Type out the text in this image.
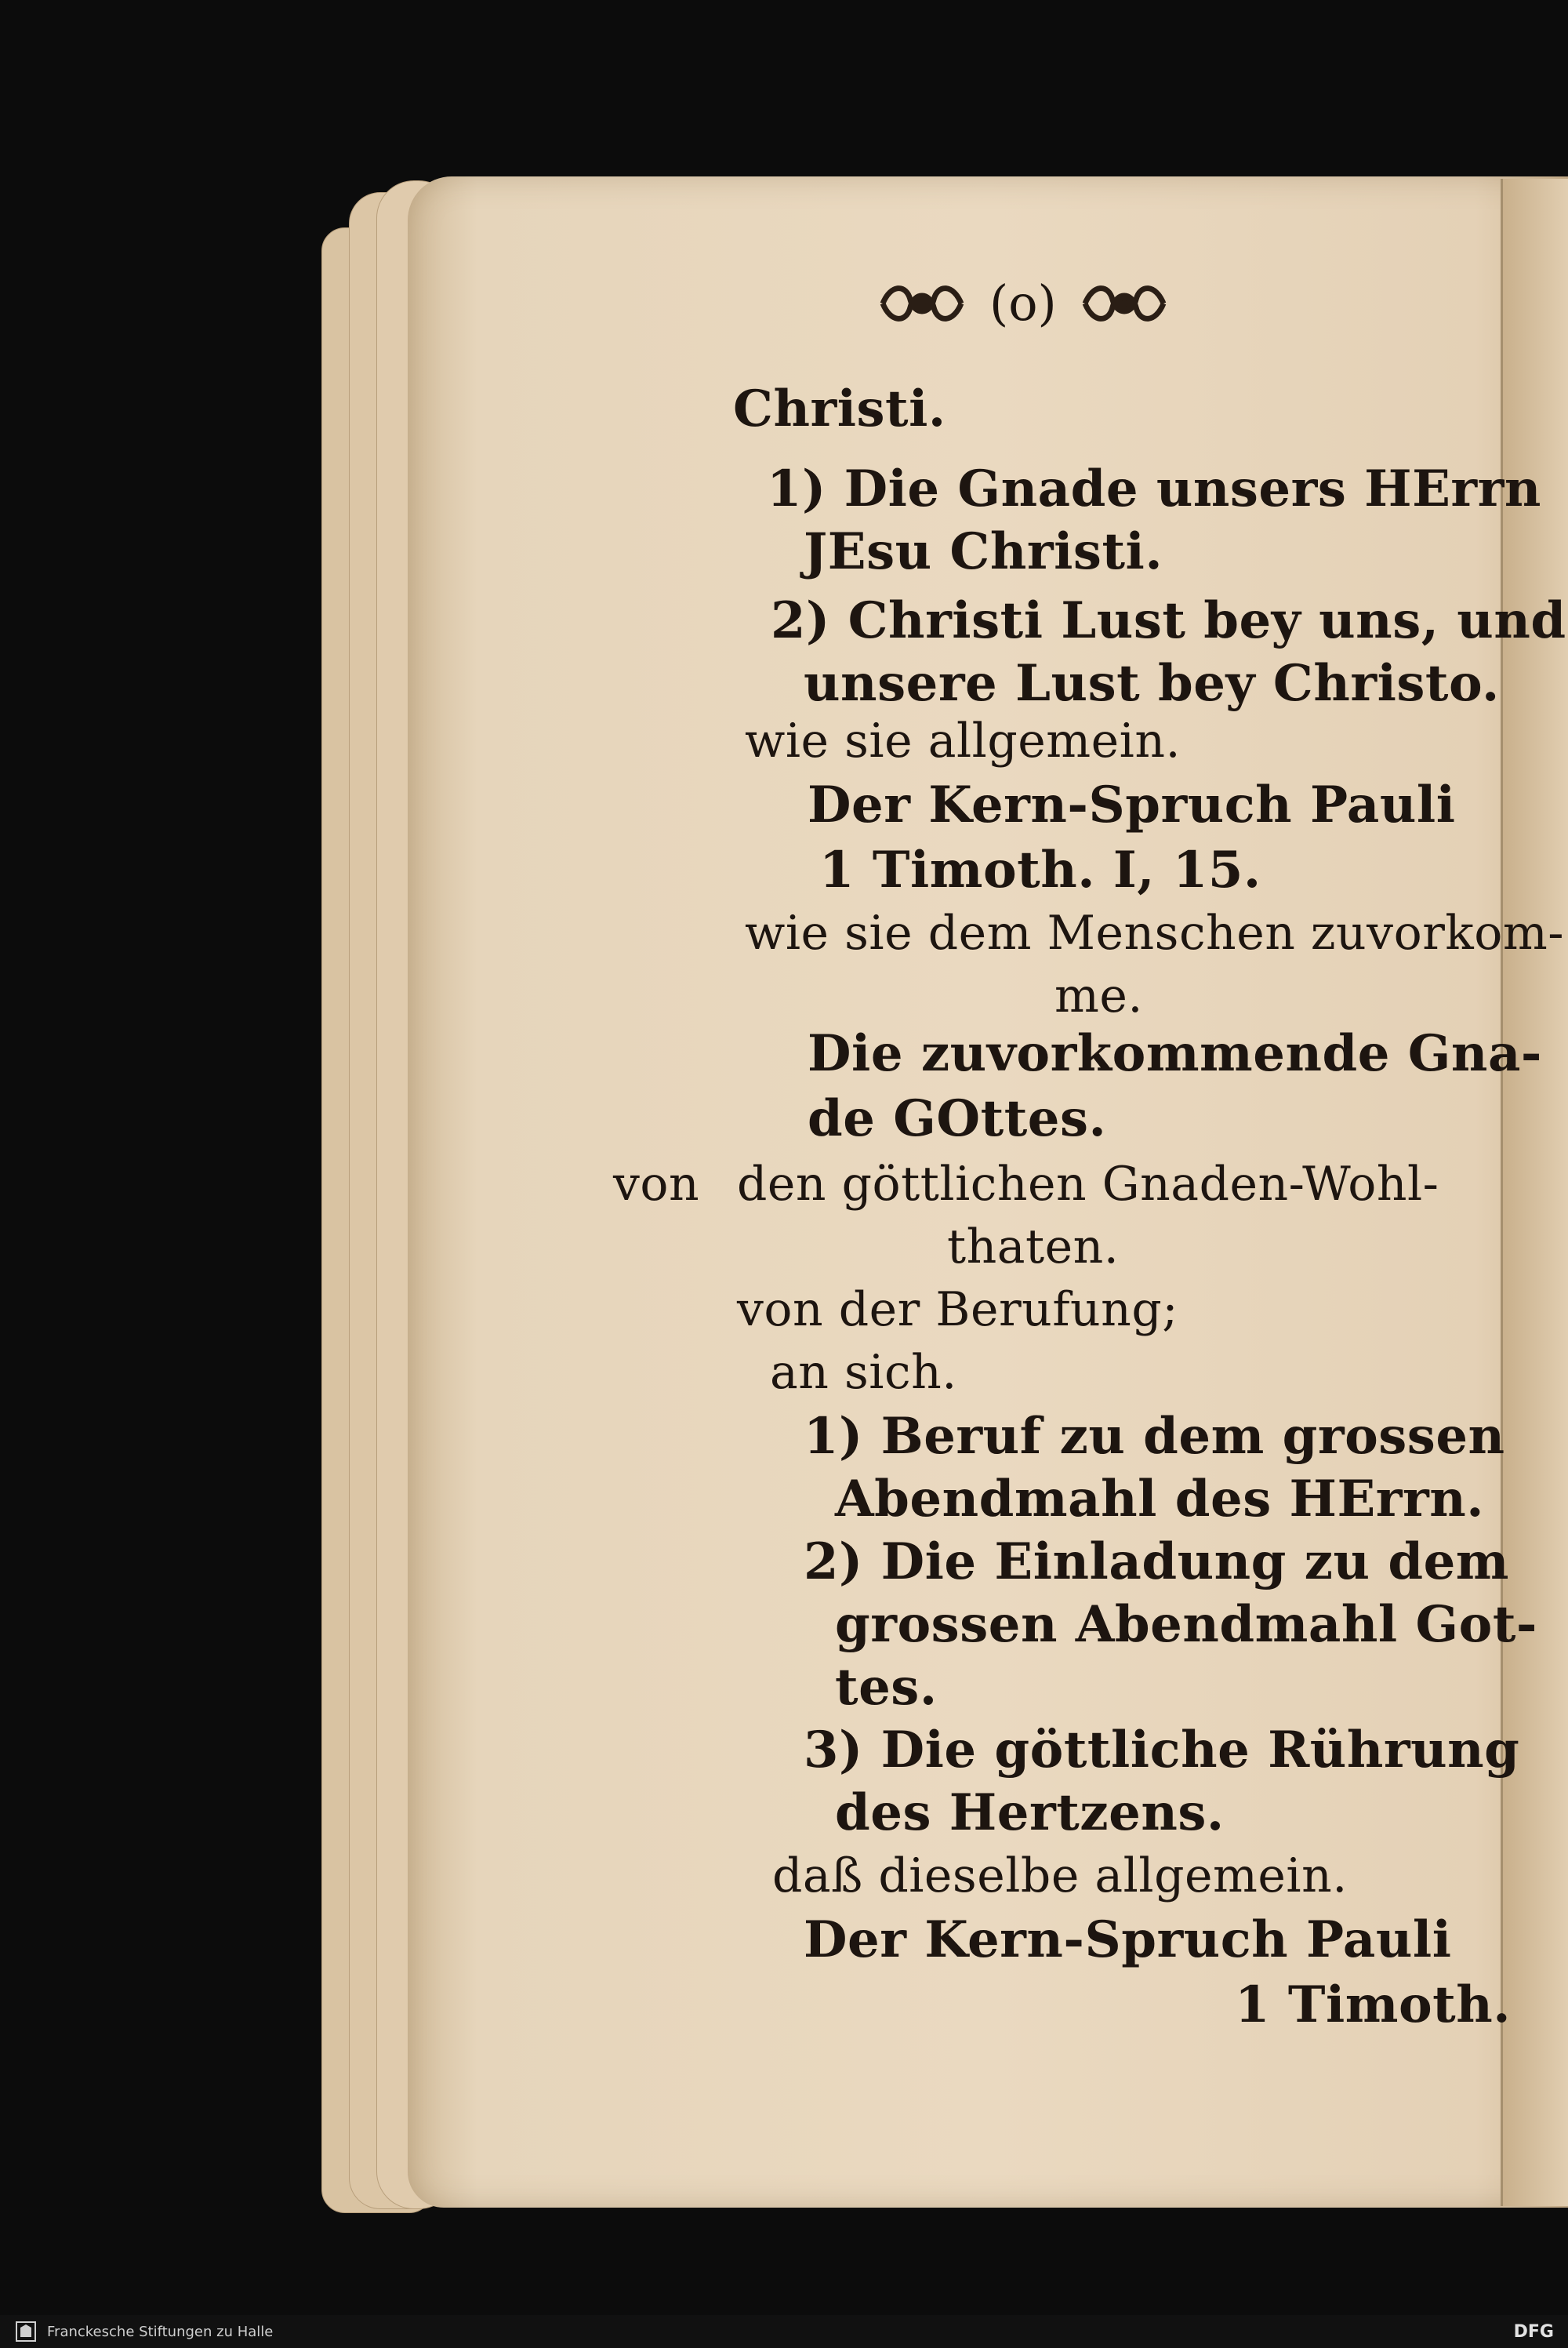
(o)
Christi.
1) Die Gnade unsers HErrn
JEsu Christi.
2) Christi Lust bey uns, und
unsere Lust bey Christo.
wie sie allgemein.
Der Kern-Spruch Pauli
1 Timoth. I, 15.
wie sie dem Menschen zuvorkom-
me.
Die zuvorkommende Gna-
de GOttes.
von den göttlichen Gnaden-Wohl-
thaten.
von der Berufung;
an sich.
1) Beruf zu dem grossen
Abendmahl des HErrn.
2) Die Einladung zu dem
grossen Abendmahl Got-
tes.
3) Die göttliche Rührung
des Hertzens.
daß dieselbe allgemein.
Der Kern-Spruch Pauli
1 Timoth.
Franckesche Stiftungen zu Halle	DFG
